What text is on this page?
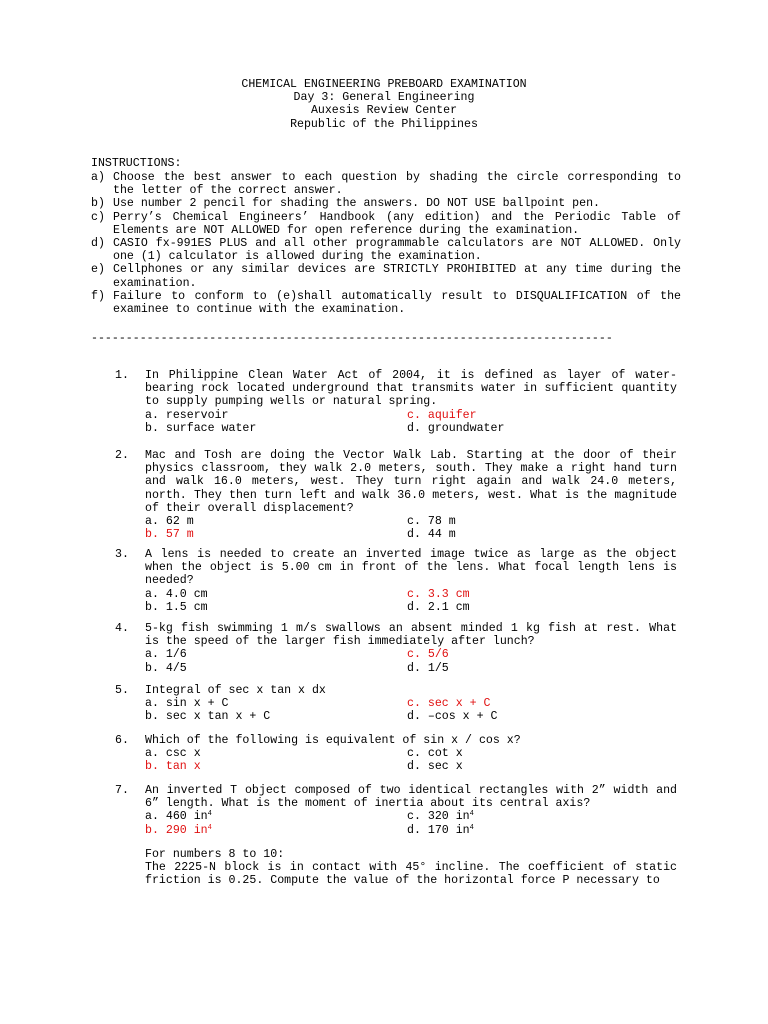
CHEMICAL ENGINEERING PREBOARD EXAMINATION
Day 3: General Engineering
Auxesis Review Center
Republic of the Philippines
INSTRUCTIONS:
a) Choose the best answer to each question by shading the circle corresponding to the letter of the correct answer.
b) Use number 2 pencil for shading the answers. DO NOT USE ballpoint pen.
c) Perry’s Chemical Engineers’ Handbook (any edition) and the Periodic Table of Elements are NOT ALLOWED for open reference during the examination.
d) CASIO fx-991ES PLUS and all other programmable calculators are NOT ALLOWED. Only one (1) calculator is allowed during the examination.
e) Cellphones or any similar devices are STRICTLY PROHIBITED at any time during the examination.
f) Failure to conform to (e)shall automatically result to DISQUALIFICATION of the examinee to continue with the examination.
---------------------------------------------------------------------------
1. In Philippine Clean Water Act of 2004, it is defined as layer of water-bearing rock located underground that transmits water in sufficient quantity to supply pumping wells or natural spring.
a. reservoir	c. aquifer
b. surface water	d. groundwater
2. Mac and Tosh are doing the Vector Walk Lab. Starting at the door of their physics classroom, they walk 2.0 meters, south. They make a right hand turn and walk 16.0 meters, west. They turn right again and walk 24.0 meters, north. They then turn left and walk 36.0 meters, west. What is the magnitude of their overall displacement?
a. 62 m	c. 78 m
b. 57 m	d. 44 m
3. A lens is needed to create an inverted image twice as large as the object when the object is 5.00 cm in front of the lens. What focal length lens is needed?
a. 4.0 cm	c. 3.3 cm
b. 1.5 cm	d. 2.1 cm
4. 5-kg fish swimming 1 m/s swallows an absent minded 1 kg fish at rest. What is the speed of the larger fish immediately after lunch?
a. 1/6	c. 5/6
b. 4/5	d. 1/5
5. Integral of sec x tan x dx
a. sin x + C	c. sec x + C
b. sec x tan x + C	d. –cos x + C
6. Which of the following is equivalent of sin x / cos x?
a. csc x	c. cot x
b. tan x	d. sec x
7. An inverted T object composed of two identical rectangles with 2” width and 6” length. What is the moment of inertia about its central axis?
a. 460 $in^4$	c. 320 $in^4$
b. 290 $in^4$	d. 170 $in^4$
For numbers 8 to 10:
The 2225-N block is in contact with 45° incline. The coefficient of static friction is 0.25. Compute the value of the horizontal force P necessary to
